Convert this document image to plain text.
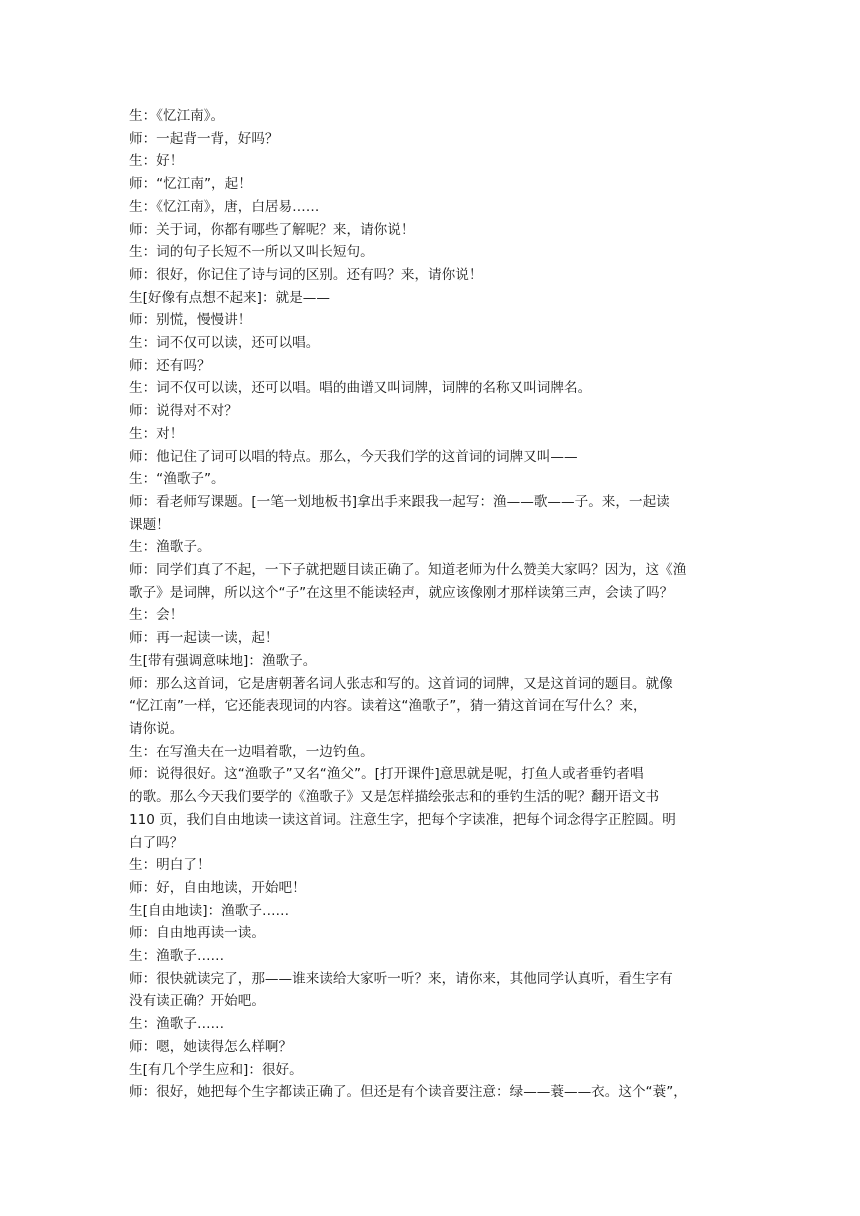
生：《忆江南》。

师：一起背一背，好吗？

生：好！

师：“忆江南”，起！

生：《忆江南》，唐，白居易……

师：关于词，你都有哪些了解呢？来，请你说！

生：词的句子长短不一所以又叫长短句。

师：很好，你记住了诗与词的区别。还有吗？来，请你说！

生[好像有点想不起来]：就是——

师：别慌，慢慢讲！

生：词不仅可以读，还可以唱。

师：还有吗？

生：词不仅可以读，还可以唱。唱的曲谱又叫词牌，词牌的名称又叫词牌名。

师：说得对不对？

生：对！

师：他记住了词可以唱的特点。那么，今天我们学的这首词的词牌又叫——

生：“渔歌子”。

师：看老师写课题。[一笔一划地板书]拿出手来跟我一起写：渔——歌——子。来，一起读

课题！

生：渔歌子。

师：同学们真了不起，一下子就把题目读正确了。知道老师为什么赞美大家吗？因为，这《渔

歌子》是词牌，所以这个“子”在这里不能读轻声，就应该像刚才那样读第三声，会读了吗？

生：会！

师：再一起读一读，起！

生[带有强调意味地]：渔歌子。

师：那么这首词，它是唐朝著名词人张志和写的。这首词的词牌，又是这首词的题目。就像

“忆江南”一样，它还能表现词的内容。读着这“渔歌子”，猜一猜这首词在写什么？来，

请你说。

生：在写渔夫在一边唱着歌，一边钓鱼。

师：说得很好。这“渔歌子”又名“渔父”。[打开课件]意思就是呢，打鱼人或者垂钓者唱

的歌。那么今天我们要学的《渔歌子》又是怎样描绘张志和的垂钓生活的呢？翻开语文书

110 页，我们自由地读一读这首词。注意生字，把每个字读准，把每个词念得字正腔圆。明

白了吗？

生：明白了！

师：好，自由地读，开始吧！

生[自由地读]：渔歌子……

师：自由地再读一读。

生：渔歌子……

师：很快就读完了，那——谁来读给大家听一听？来，请你来，其他同学认真听，看生字有

没有读正确？开始吧。

生：渔歌子……

师：嗯，她读得怎么样啊？

生[有几个学生应和]：很好。

师：很好，她把每个生字都读正确了。但还是有个读音要注意：绿——蓑——衣。这个“蓑”，
